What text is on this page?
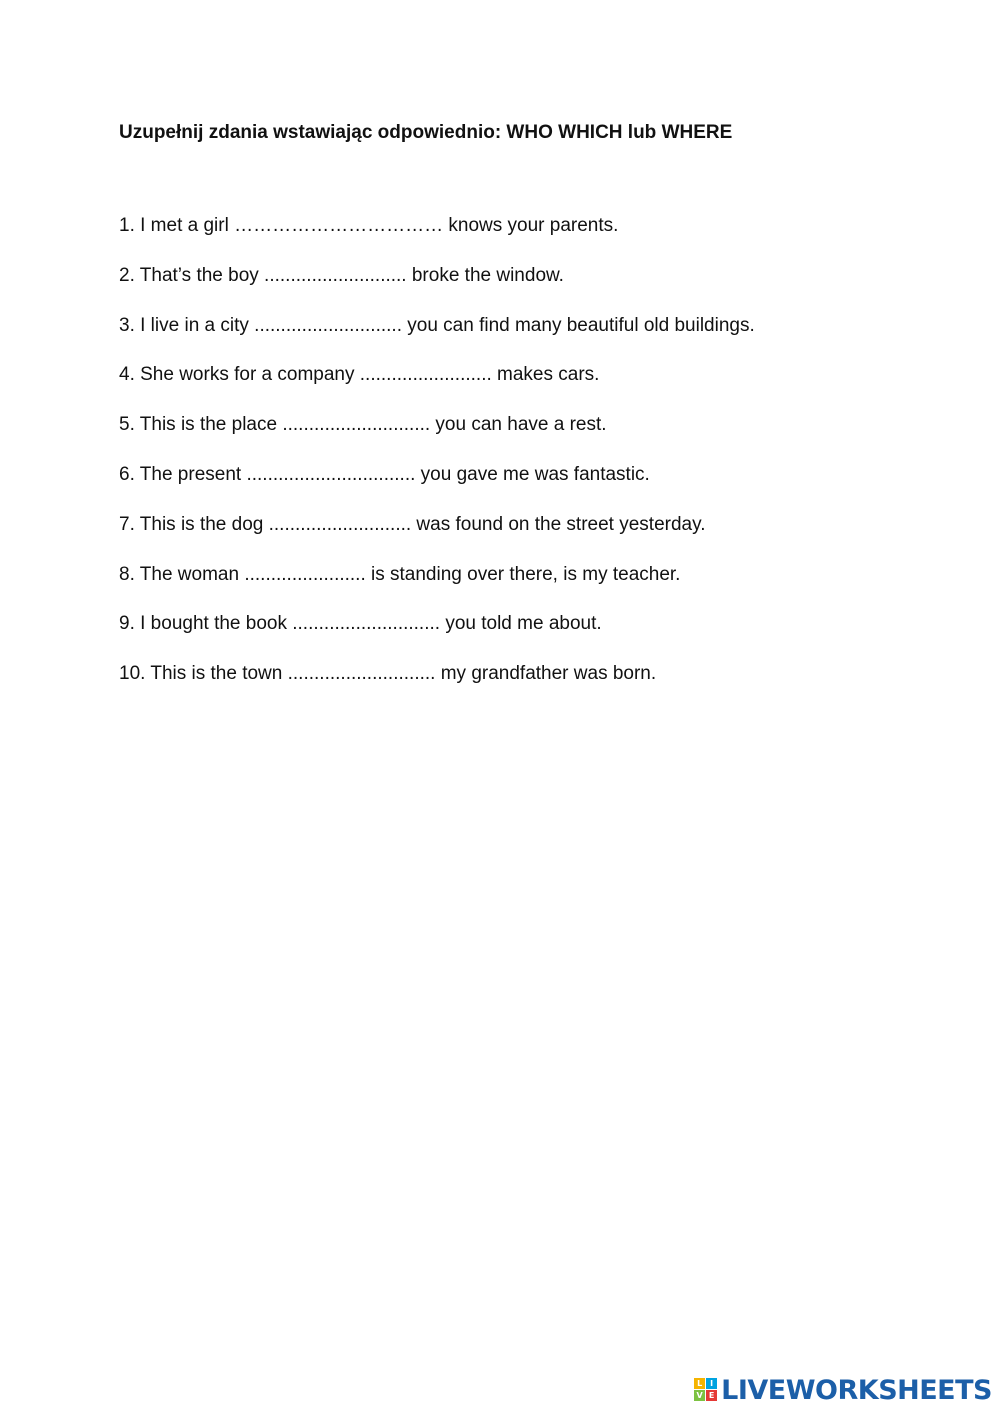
Uzupełnij zdania wstawiając odpowiednio: WHO WHICH lub WHERE
1. I met a girl …………………………… knows your parents.
2. That’s the boy ........................... broke the window.
3. I live in a city ............................ you can find many beautiful old buildings.
4. She works for a company ......................... makes cars.
5. This is the place ............................ you can have a rest.
6. The present ................................ you gave me was fantastic.
7. This is the dog ........................... was found on the street yesterday.
8. The woman ....................... is standing over there, is my teacher.
9. I bought the book ............................ you told me about.
10. This is the town ............................ my grandfather was born.
L I
V E LIVEWORKSHEETS
